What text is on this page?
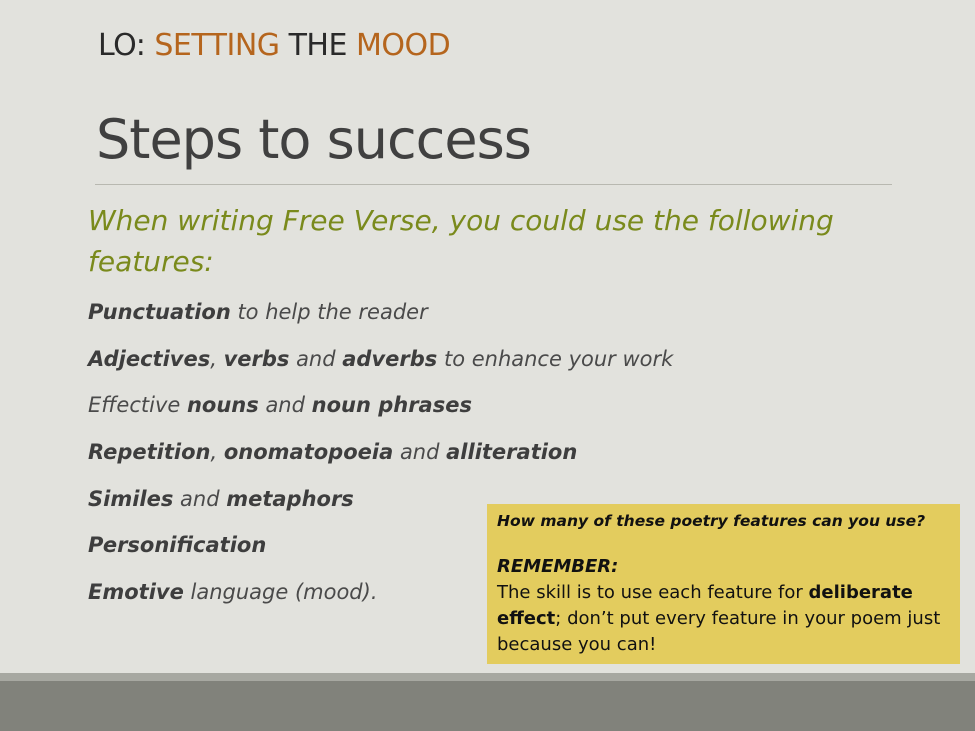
LO: SETTING THE MOOD
Steps to success
When writing Free Verse, you could use the following features:
Punctuation to help the reader
Adjectives, verbs and adverbs to enhance your work
Effective nouns and noun phrases
Repetition, onomatopoeia and alliteration
Similes and metaphors
Personification
Emotive language (mood).
How many of these poetry features can you use?
REMEMBER:
The skill is to use each feature for deliberate effect; don’t put every feature in your poem just because you can!
